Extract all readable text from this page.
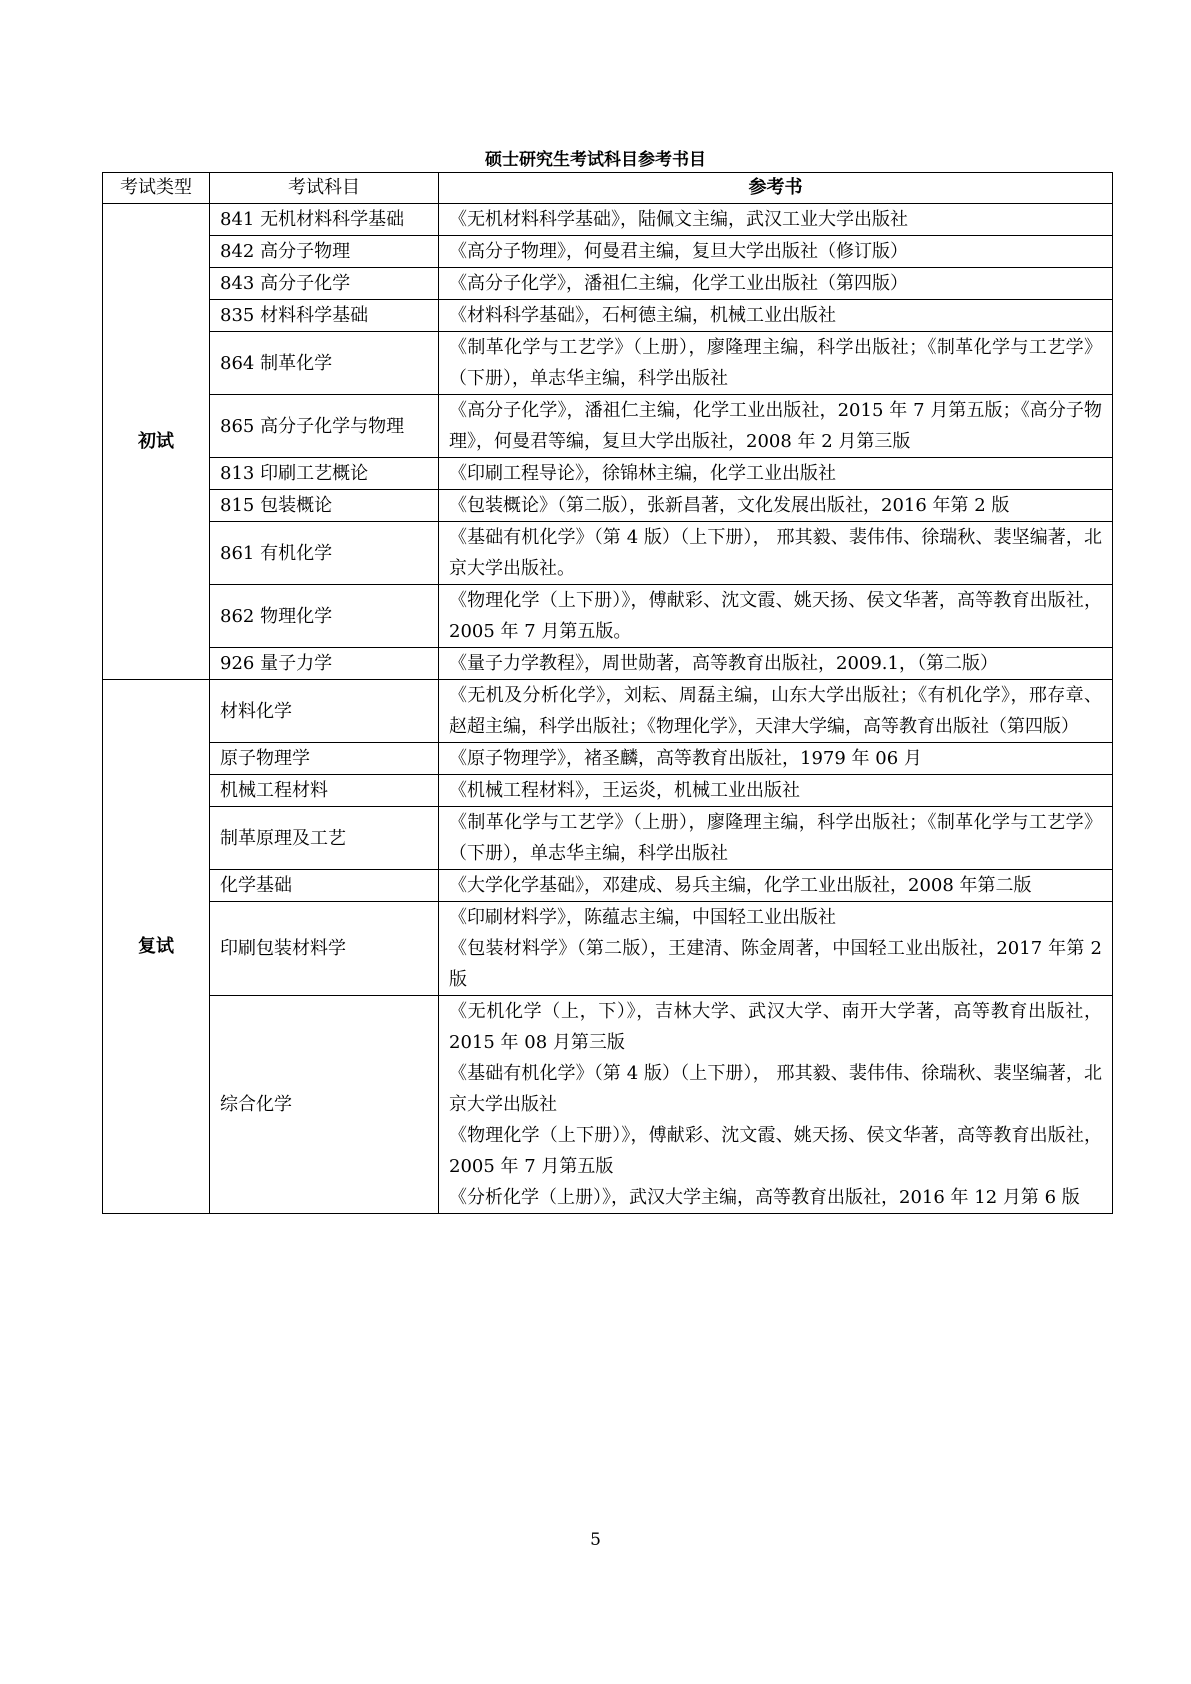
硕士研究生考试科目参考书目
考试类型	考试科目	参考书
初试	841 无机材料科学基础	《无机材料科学基础》，陆佩文主编，武汉工业大学出版社

	842 高分子物理	《高分子物理》，何曼君主编，复旦大学出版社（修订版）

	843 高分子化学	《高分子化学》，潘祖仁主编，化学工业出版社（第四版）

	835 材料科学基础	《材料科学基础》，石柯德主编，机械工业出版社

	864 制革化学	《制革化学与工艺学》（上册），廖隆理主编，科学出版社；《制革化学与工艺学》（下册），单志华主编，科学出版社

	865 高分子化学与物理	《高分子化学》，潘祖仁主编，化学工业出版社，2015 年 7 月第五版；《高分子物理》，何曼君等编，复旦大学出版社，2008 年 2 月第三版

	813 印刷工艺概论	《印刷工程导论》，徐锦林主编，化学工业出版社

	815 包装概论	《包装概论》（第二版），张新昌著，文化发展出版社，2016 年第 2 版

	861 有机化学	《基础有机化学》（第 4 版）（上下册）， 邢其毅、裴伟伟、徐瑞秋、裴坚编著，北京大学出版社。

	862 物理化学	《物理化学（上下册）》，傅献彩、沈文霞、姚天扬、侯文华著，高等教育出版社，2005 年 7 月第五版。

	926 量子力学	《量子力学教程》，周世勋著，高等教育出版社，2009.1，（第二版）

复试	材料化学	《无机及分析化学》，刘耘、周磊主编，山东大学出版社；《有机化学》，邢存章、赵超主编，科学出版社；《物理化学》，天津大学编，高等教育出版社（第四版）

	原子物理学	《原子物理学》，褚圣麟，高等教育出版社，1979 年 06 月

	机械工程材料	《机械工程材料》，王运炎，机械工业出版社

	制革原理及工艺	《制革化学与工艺学》（上册），廖隆理主编，科学出版社；《制革化学与工艺学》（下册），单志华主编，科学出版社

	化学基础	《大学化学基础》，邓建成、易兵主编，化学工业出版社，2008 年第二版

	印刷包装材料学	《印刷材料学》，陈蕴志主编，中国轻工业出版社
《包装材料学》（第二版），王建清、陈金周著，中国轻工业出版社，2017 年第 2 版

	综合化学	《无机化学（上，下）》，吉林大学、武汉大学、南开大学著，高等教育出版社，2015 年 08 月第三版
《基础有机化学》（第 4 版）（上下册）， 邢其毅、裴伟伟、徐瑞秋、裴坚编著，北京大学出版社
《物理化学（上下册）》，傅献彩、沈文霞、姚天扬、侯文华著，高等教育出版社，2005 年 7 月第五版
《分析化学（上册）》，武汉大学主编，高等教育出版社，2016 年 12 月第 6 版
5
